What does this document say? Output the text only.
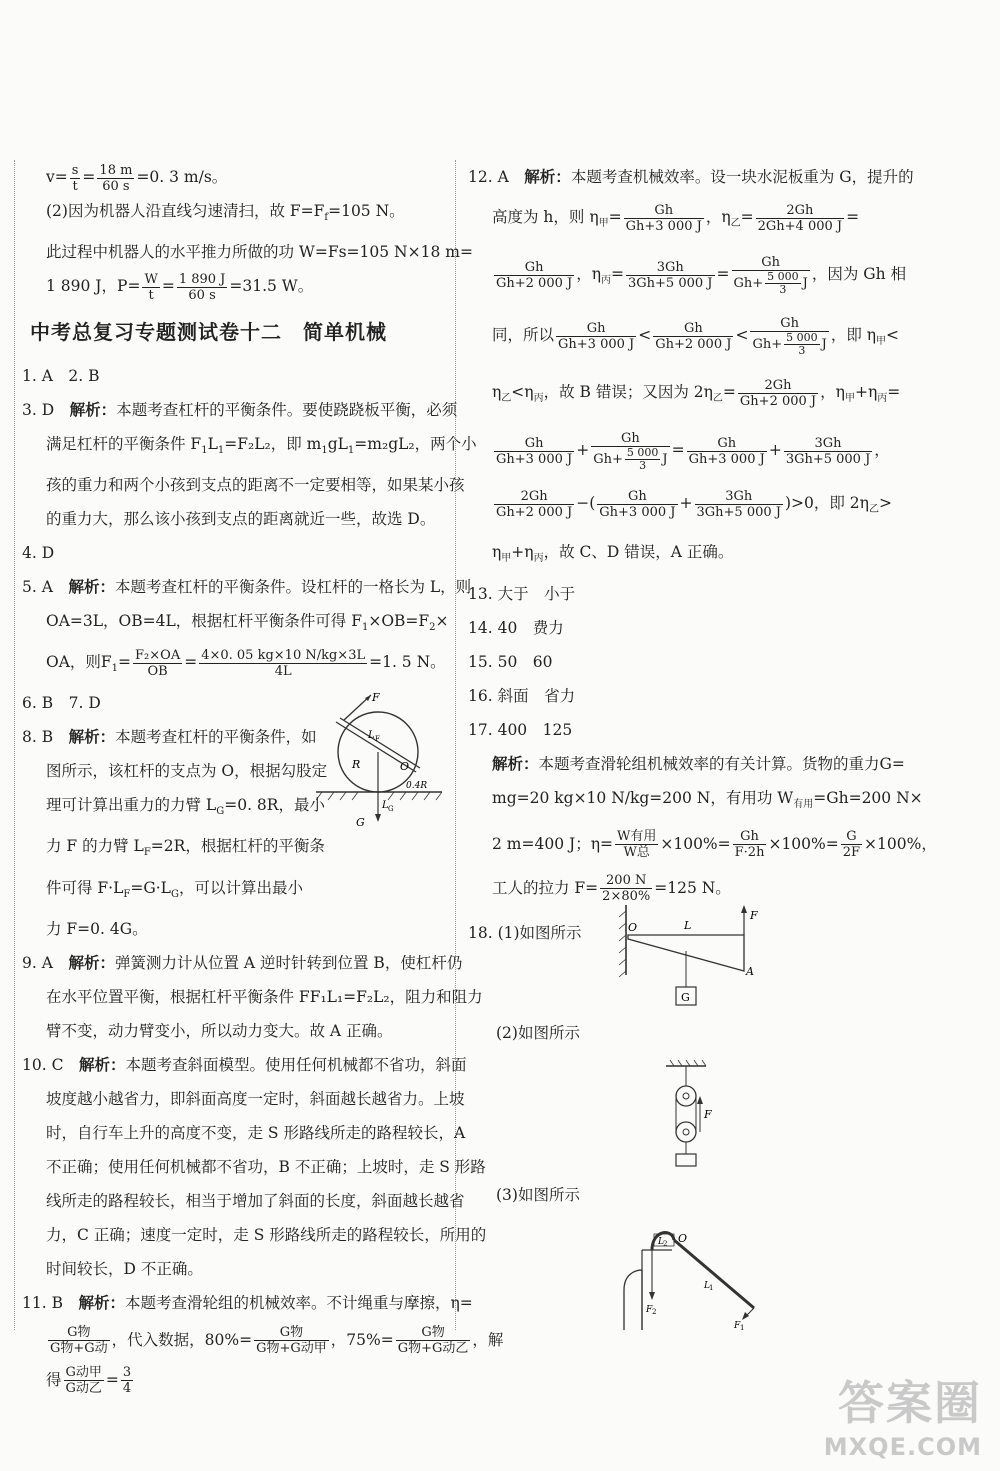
$v= \frac{s}{t} = \frac{18 m}{60 s} =0$. 3 m/s。
(2)因为机器人沿直线匀速清扫，故 $F=F_f=105$ N。
此过程中机器人的水平推力所做的功 W=Fs=105 N×18 m=
1 890 J，$P= \frac{W}{t} = \frac{1 890 J}{60 s} =31.5$ W。
中考总复习专题测试卷十二　简单机械
1. A　2. B
3. D　 解析：本题考查杠杆的平衡条件。要使跷跷板平衡，必须
满足杠杆的平衡条件 $F_1L_1=F_2L_2$，即 $m_1gL_1=m_2gL_2$，两个小
孩的重力和两个小孩到支点的距离不一定要相等，如果某小孩
的重力大，那么该小孩到支点的距离就近一些，故选 D。
4. D
5. A　 解析：本题考查杠杆的平衡条件。设杠杆的一格长为 L，则
OA=3L，OB=4L，根据杠杆平衡条件可得 $F_1\times OB=F_2\times$
OA，则$F_1= \frac{\text{F₂×OA}}{OB} = \frac{4\times 0. 05 kg\times 10 N/kg\times 3L}{4L} =1$. 5 N。
6. B　7. D
8. B　 解析：本题考查杠杆的平衡条件，如
图所示，该杠杆的支点为 O，根据勾股定
理可计算出重力的力臂 $L_G=0$. 8R，最小
力 F 的力臂 $L_F=2R$，根据杠杆的平衡条
件可得 $F\cdot L_F=G\cdot L_G$，可以计算出最小
力 F=0. 4G。
9. A　 解析：弹簧测力计从位置 A 逆时针转到位置 B，使杠杆仍
在水平位置平衡，根据杠杆平衡条件 FF₁L₁=F₂L₂，阻力和阻力
臂不变，动力臂变小，所以动力变大。故 A 正确。
10. C　 解析：本题考查斜面模型。使用任何机械都不省功，斜面
坡度越小越省力，即斜面高度一定时，斜面越长越省力。上坡
时，自行车上升的高度不变，走 S 形路线所走的路程较长，A
不正确；使用任何机械都不省功，B 不正确；上坡时，走 S 形路
线所走的路程较长，相当于增加了斜面的长度，斜面越长越省
力，C 正确；速度一定时，走 S 形路线所走的路程较长，所用的
时间较长，D 不正确。
11. B　 解析：本题考查滑轮组的机械效率。不计绳重与摩擦，η=
$\frac{\text{G物}}{\text{G物+G动}}$ ，代入数据，$80\%= \frac{\text{G物}}{\text{G物+G动甲}}$ ，$75\%= \frac{\text{G物}}{\text{G物+G动乙}}$ ，解
得 $\frac{\text{G动甲}}{\text{G动乙}} = \frac{3}{4}$
F
L F
R	O
0.4R
L G
G
12. A　 解析：本题考查机械效率。设一块水泥板重为 G，提升的
高度为 h，则 $\eta_甲= \frac{Gh}{Gh+3 000 J}$ ，$\eta_乙= \frac{2Gh}{2Gh+4 000 J}$ =
$\frac{Gh}{Gh+2 000 J}$ ，$\eta_丙= \frac{3Gh}{3Gh+5 000 J} = \frac{Gh}{Gh+ \frac{5 000}{3} J}$ ，因为 Gh 相
同，所以 $\frac{Gh}{Gh+3 000 J} < \frac{Gh}{Gh+2 000 J} < \frac{Gh}{Gh+ \frac{5 000}{3} J}$ ，即 $\eta_甲<$
$\eta_乙<\eta_丙$，故 B 错误；又因为 $2\eta_乙= \frac{2Gh}{Gh+2 000 J}$ ，$\eta_甲+\eta_丙=$
$\frac{Gh}{Gh+3 000 J} + \frac{Gh}{Gh+ \frac{5 000}{3} J} = \frac{Gh}{Gh+3 000 J} + \frac{3Gh}{3Gh+5 000 J}$ ，
$\frac{2Gh}{Gh+2 000 J}$ −( $\frac{Gh}{Gh+3 000 J} + \frac{3Gh}{3Gh+5 000 J} )>0$，即 $2\eta_乙>$
$\eta_甲+\eta_丙$，故 C、D 错误，A 正确。
13. 大于　小于
14. 40　费力
15. 50　60
16. 斜面　省力
17. 400　125
解析：本题考查滑轮组机械效率的有关计算。货物的重力G=
mg=20 kg×10 N/kg=200 N，有用功 $W_{有用}=Gh=200$ N×
2 m=400 J；$\eta= \frac{\text{W有用}}{\text{W总}} \times 100\%= \frac{Gh}{F\cdot 2h} \times 100\%= \frac{G}{2F} \times 100\%$，
工人的拉力 $F= \frac{200 N}{2\times 80\%} =125$ N。
18. (1)如图所示
(2)如图所示
(3)如图所示
O	L
F
A
G
F
L 2 O
L 1
F 2
F 1
答案圈
MXQE.COM
